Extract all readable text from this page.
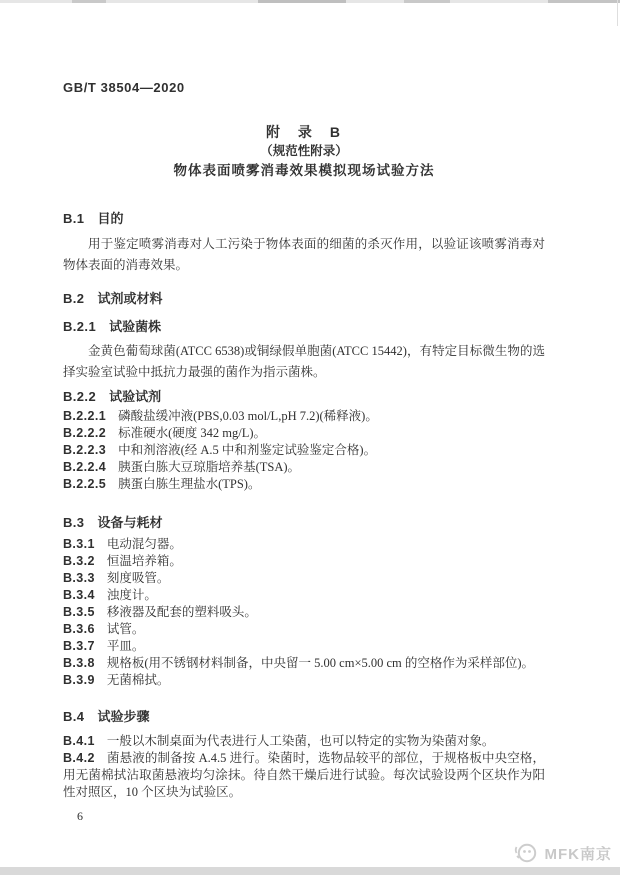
GB/T 38504—2020
附　录　B
（规范性附录）
物体表面喷雾消毒效果模拟现场试验方法
B.1 目的
用于鉴定喷雾消毒对人工污染于物体表面的细菌的杀灭作用，以验证该喷雾消毒对物体表面的消毒效果。
B.2 试剂或材料
B.2.1 试验菌株
金黄色葡萄球菌(ATCC 6538)或铜绿假单胞菌(ATCC 15442)，有特定目标微生物的选择实验室试验中抵抗力最强的菌作为指示菌株。
B.2.2 试验试剂
B.2.2.1 磷酸盐缓冲液(PBS,0.03 mol/L,pH 7.2)(稀释液)。
B.2.2.2 标准硬水(硬度 342 mg/L)。
B.2.2.3 中和剂溶液(经 A.5 中和剂鉴定试验鉴定合格)。
B.2.2.4 胰蛋白胨大豆琼脂培养基(TSA)。
B.2.2.5 胰蛋白胨生理盐水(TPS)。
B.3 设备与耗材
B.3.1 电动混匀器。
B.3.2 恒温培养箱。
B.3.3 刻度吸管。
B.3.4 浊度计。
B.3.5 移液器及配套的塑料吸头。
B.3.6 试管。
B.3.7 平皿。
B.3.8 规格板(用不锈钢材料制备，中央留一 5.00 cm×5.00 cm 的空格作为采样部位)。
B.3.9 无菌棉拭。
B.4 试验步骤
B.4.1 一般以木制桌面为代表进行人工染菌，也可以特定的实物为染菌对象。
B.4.2 菌悬液的制备按 A.4.5 进行。染菌时，选物品较平的部位，于规格板中央空格，用无菌棉拭沾取菌悬液均匀涂抹。待自然干燥后进行试验。每次试验设两个区块作为阳性对照区，10 个区块为试验区。
6
MFK南京
